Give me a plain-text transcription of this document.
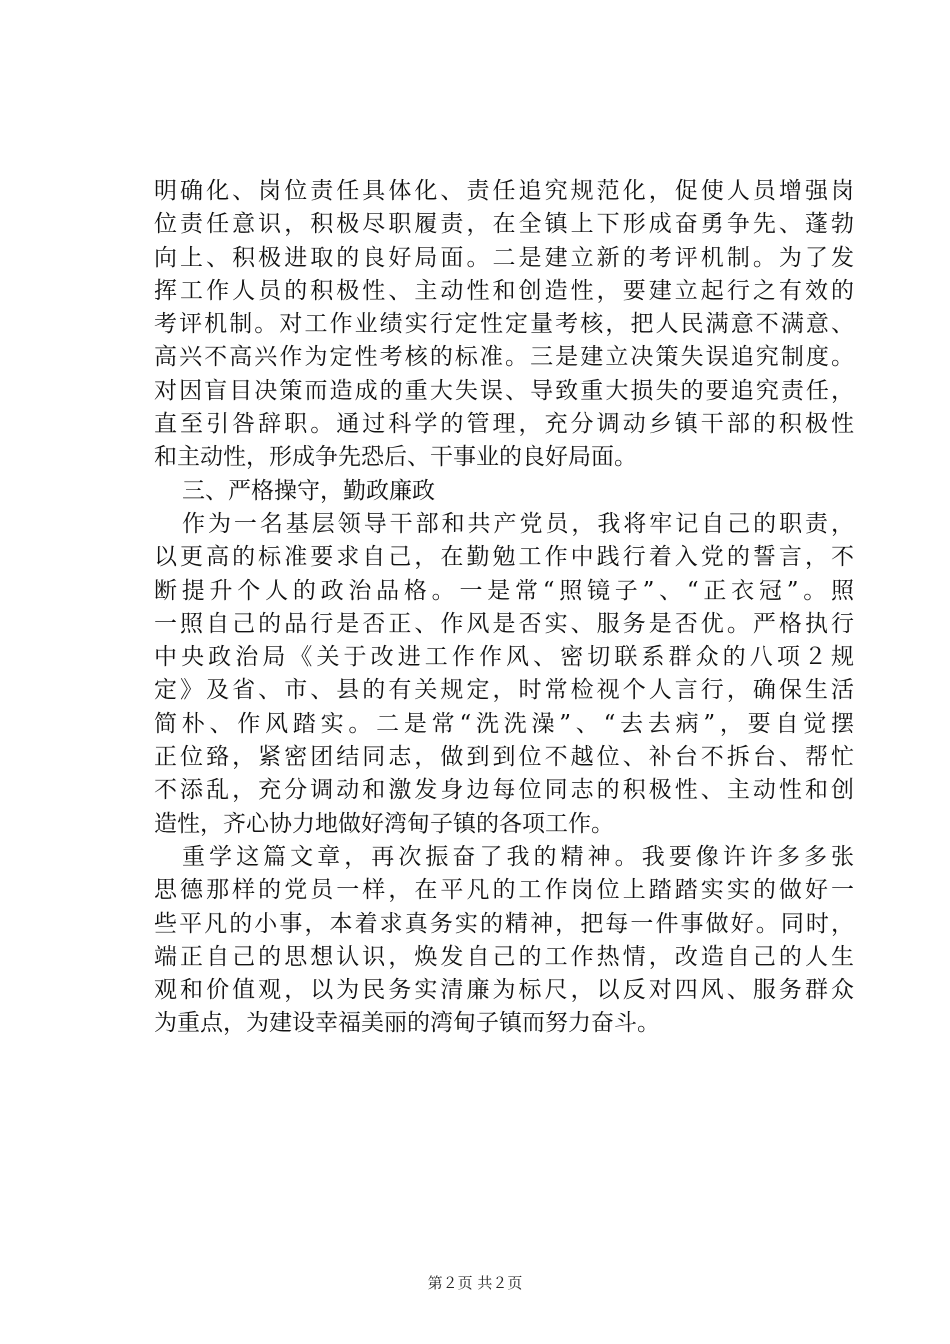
明确化、岗位责任具体化、责任追究规范化，促使人员增强岗
位责任意识，积极尽职履责，在全镇上下形成奋勇争先、蓬勃
向上、积极进取的良好局面。二是建立新的考评机制。为了发
挥工作人员的积极性、主动性和创造性，要建立起行之有效的
考评机制。对工作业绩实行定性定量考核，把人民满意不满意、
高兴不高兴作为定性考核的标准。三是建立决策失误追究制度。
对因盲目决策而造成的重大失误、导致重大损失的要追究责任，
直至引咎辞职。通过科学的管理，充分调动乡镇干部的积极性
和主动性，形成争先恐后、干事业的良好局面。
三、严格操守，勤政廉政
作为一名基层领导干部和共产党员，我将牢记自己的职责，
以更高的标准要求自己，在勤勉工作中践行着入党的誓言，不
断提升个人的政治品格。一是常“照镜子”、“正衣冠”。照
一照自己的品行是否正、作风是否实、服务是否优。严格执行
中央政治局《关于改进工作作风、密切联系群众的八项２规
定》及省、市、县的有关规定，时常检视个人言行，确保生活
简朴、作风踏实。二是常“洗洗澡”、“去去病”，要自觉摆
正位臵，紧密团结同志，做到到位不越位、补台不拆台、帮忙
不添乱，充分调动和激发身边每位同志的积极性、主动性和创
造性，齐心协力地做好湾甸子镇的各项工作。
重学这篇文章，再次振奋了我的精神。我要像许许多多张
思德那样的党员一样，在平凡的工作岗位上踏踏实实的做好一
些平凡的小事，本着求真务实的精神，把每一件事做好。同时，
端正自己的思想认识，焕发自己的工作热情，改造自己的人生
观和价值观，以为民务实清廉为标尺，以反对四风、服务群众
为重点，为建设幸福美丽的湾甸子镇而努力奋斗。
第２页 共２页
